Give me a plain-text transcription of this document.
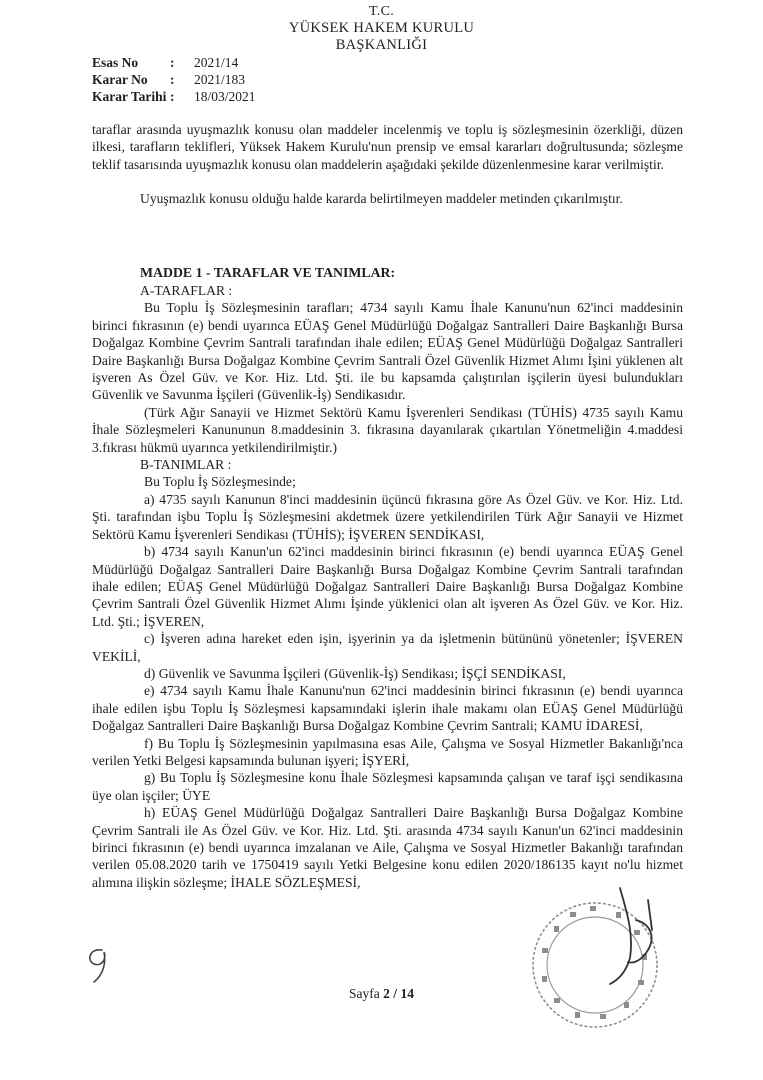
T.C.
YÜKSEK HAKEM KURULU
BAŞKANLIĞI
Esas No	:	2021/14
Karar No	:	2021/183
Karar Tarihi :	18/03/2021

taraflar arasında uyuşmazlık konusu olan maddeler incelenmiş ve toplu iş sözleşmesinin özerkliği, düzen ilkesi, tarafların teklifleri, Yüksek Hakem Kurulu'nun prensip ve emsal kararları doğrultusunda; sözleşme teklif tasarısında uyuşmazlık konusu olan maddelerin aşağıdaki şekilde düzenlenmesine karar verilmiştir.

Uyuşmazlık konusu olduğu halde kararda belirtilmeyen maddeler metinden çıkarılmıştır.

MADDE 1 - TARAFLAR VE TANIMLAR:

A-TARAFLAR :

Bu Toplu İş Sözleşmesinin tarafları; 4734 sayılı Kamu İhale Kanunu'nun 62'inci maddesinin birinci fıkrasının (e) bendi uyarınca EÜAŞ Genel Müdürlüğü Doğalgaz Santralleri Daire Başkanlığı Bursa Doğalgaz Kombine Çevrim Santrali tarafından ihale edilen; EÜAŞ Genel Müdürlüğü Doğalgaz Santralleri Daire Başkanlığı Bursa Doğalgaz Kombine Çevrim Santrali Özel Güvenlik Hizmet Alımı İşini yüklenen alt işveren As Özel Güv. ve Kor. Hiz. Ltd. Şti. ile bu kapsamda çalıştırılan işçilerin üyesi bulundukları Güvenlik ve Savunma İşçileri (Güvenlik-İş) Sendikasıdır.

(Türk Ağır Sanayii ve Hizmet Sektörü Kamu İşverenleri Sendikası (TÜHİS) 4735 sayılı Kamu İhale Sözleşmeleri Kanununun 8.maddesinin 3. fıkrasına dayanılarak çıkartılan Yönetmeliğin 4.maddesi 3.fıkrası hükmü uyarınca yetkilendirilmiştir.)

B-TANIMLAR :

Bu Toplu İş Sözleşmesinde;

a) 4735 sayılı Kanunun 8'inci maddesinin üçüncü fıkrasına göre As Özel Güv. ve Kor. Hiz. Ltd. Şti. tarafından işbu Toplu İş Sözleşmesini akdetmek üzere yetkilendirilen Türk Ağır Sanayii ve Hizmet Sektörü Kamu İşverenleri Sendikası (TÜHİS); İŞVEREN SENDİKASI,

b) 4734 sayılı Kanun'un 62'inci maddesinin birinci fıkrasının (e) bendi uyarınca EÜAŞ Genel Müdürlüğü Doğalgaz Santralleri Daire Başkanlığı Bursa Doğalgaz Kombine Çevrim Santrali tarafından ihale edilen; EÜAŞ Genel Müdürlüğü Doğalgaz Santralleri Daire Başkanlığı Bursa Doğalgaz Kombine Çevrim Santrali Özel Güvenlik Hizmet Alımı İşinde yüklenici olan alt işveren As Özel Güv. ve Kor. Hiz. Ltd. Şti.; İŞVEREN,

c) İşveren adına hareket eden işin, işyerinin ya da işletmenin bütününü yönetenler; İŞVEREN VEKİLİ,

d) Güvenlik ve Savunma İşçileri (Güvenlik-İş) Sendikası; İŞÇİ SENDİKASI,

e) 4734 sayılı Kamu İhale Kanunu'nun 62'inci maddesinin birinci fıkrasının (e) bendi uyarınca ihale edilen işbu Toplu İş Sözleşmesi kapsamındaki işlerin ihale makamı olan EÜAŞ Genel Müdürlüğü Doğalgaz Santralleri Daire Başkanlığı Bursa Doğalgaz Kombine Çevrim Santrali; KAMU İDARESİ,

f) Bu Toplu İş Sözleşmesinin yapılmasına esas Aile, Çalışma ve Sosyal Hizmetler Bakanlığı'nca verilen Yetki Belgesi kapsamında bulunan işyeri; İŞYERİ,

g) Bu Toplu İş Sözleşmesine konu İhale Sözleşmesi kapsamında çalışan ve taraf işçi sendikasına üye olan işçiler; ÜYE

h) EÜAŞ Genel Müdürlüğü Doğalgaz Santralleri Daire Başkanlığı Bursa Doğalgaz Kombine Çevrim Santrali ile As Özel Güv. ve Kor. Hiz. Ltd. Şti. arasında 4734 sayılı Kanun'un 62'inci maddesinin birinci fıkrasının (e) bendi uyarınca imzalanan ve Aile, Çalışma ve Sosyal Hizmetler Bakanlığı tarafından verilen 05.08.2020 tarih ve 1750419 sayılı Yetki Belgesine konu edilen 2020/186135 kayıt no'lu hizmet alımına ilişkin sözleşme; İHALE SÖZLEŞMESİ,

Sayfa 2 / 14
